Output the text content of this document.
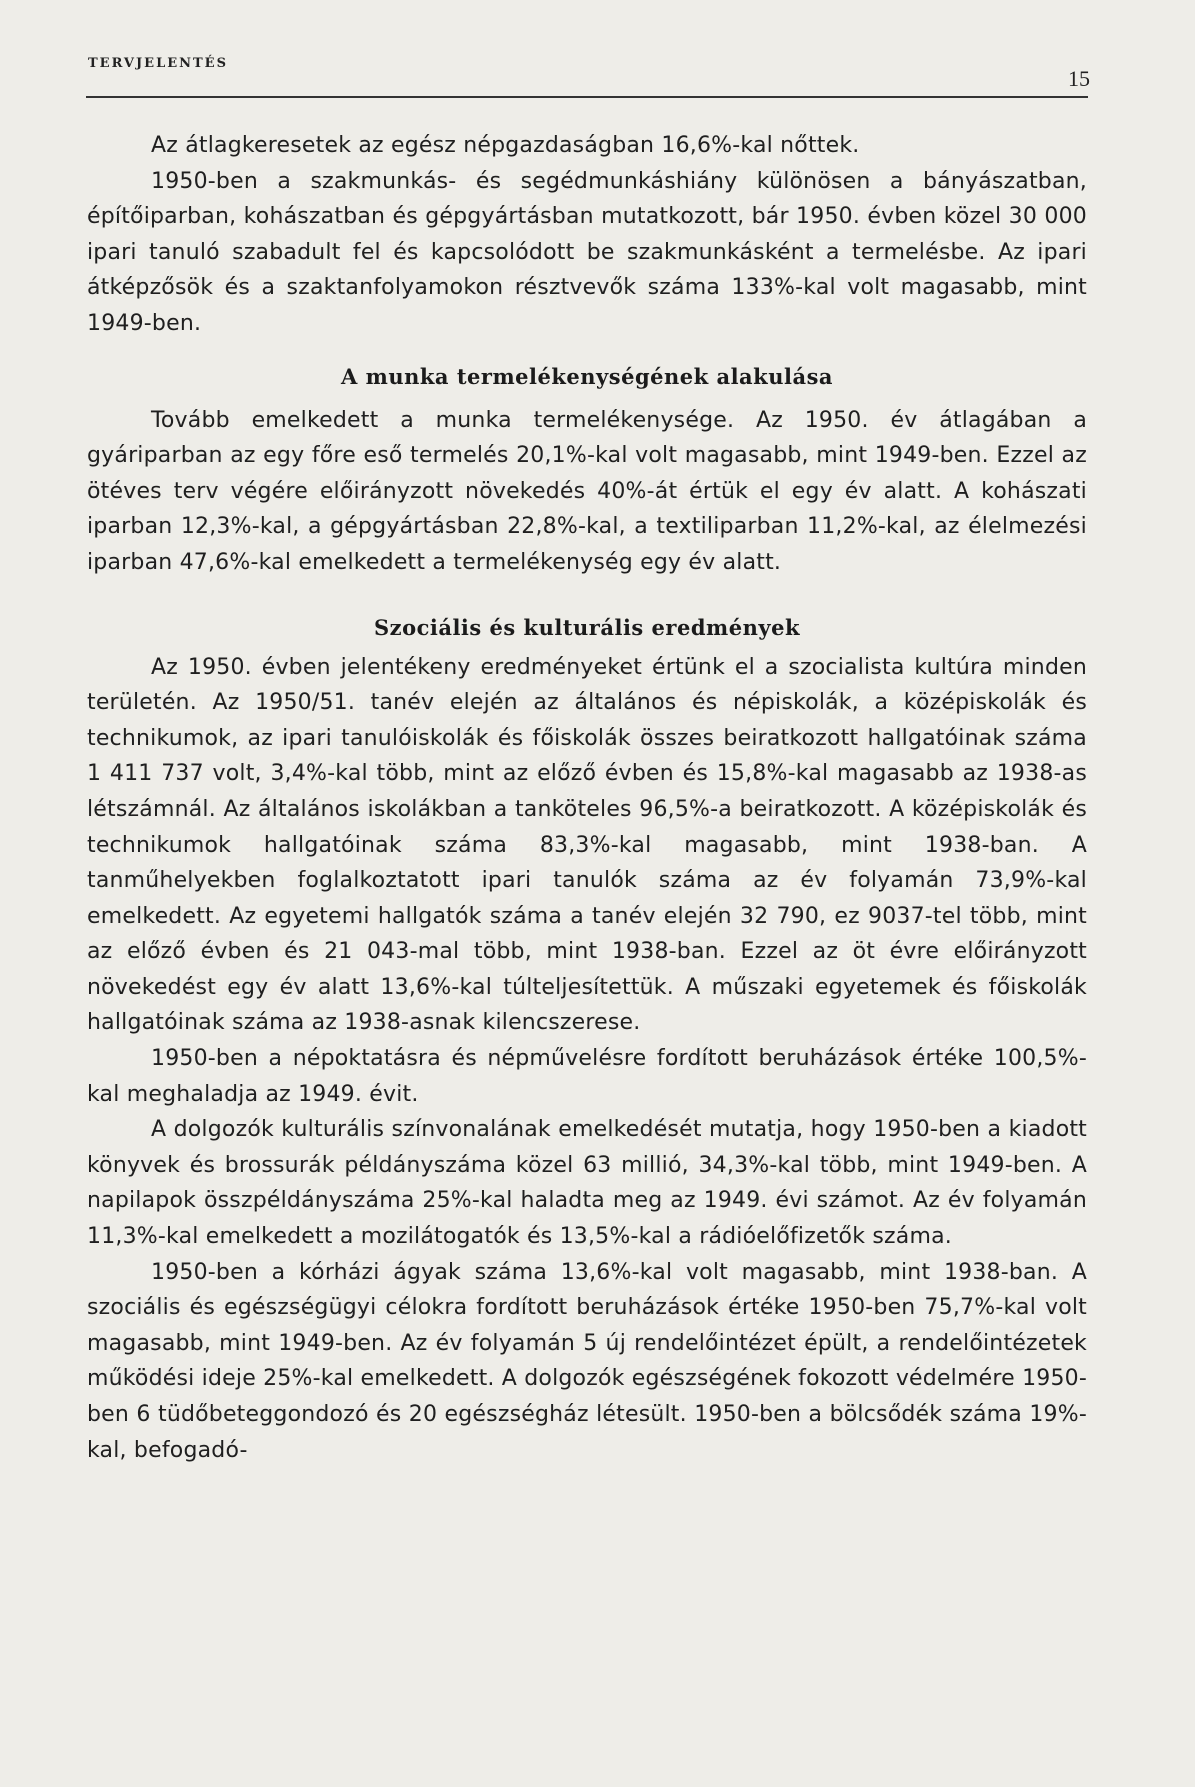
TERVJELENTÉS
15

Az átlagkeresetek az egész népgazdaságban 16,6%-kal nőttek.

1950-ben a szakmunkás- és segédmunkáshiány különösen a bányászatban, építőiparban, kohászatban és gépgyártásban mutatkozott, bár 1950. évben közel 30 000 ipari tanuló szabadult fel és kapcsolódott be szakmunkásként a termelésbe. Az ipari átképzősök és a szaktanfolyamokon résztvevők száma 133%-kal volt magasabb, mint 1949-ben.

A munka termelékenységének alakulása

Tovább emelkedett a munka termelékenysége. Az 1950. év átlagában a gyáriparban az egy főre eső termelés 20,1%-kal volt magasabb, mint 1949-ben. Ezzel az ötéves terv végére előirányzott növekedés 40%-át értük el egy év alatt. A kohászati iparban 12,3%-kal, a gépgyártásban 22,8%-kal, a textiliparban 11,2%-kal, az élelmezési iparban 47,6%-kal emelkedett a termelékenység egy év alatt.

Szociális és kulturális eredmények

Az 1950. évben jelentékeny eredményeket értünk el a szocialista kultúra minden területén. Az 1950/51. tanév elején az általános és népiskolák, a középiskolák és technikumok, az ipari tanulóiskolák és főiskolák összes beiratkozott hallgatóinak száma 1 411 737 volt, 3,4%-kal több, mint az előző évben és 15,8%-kal magasabb az 1938-as létszámnál. Az általános iskolákban a tanköteles 96,5%-a beiratkozott. A középiskolák és technikumok hallgatóinak száma 83,3%-kal magasabb, mint 1938-ban. A tanműhelyekben foglalkoztatott ipari tanulók száma az év folyamán 73,9%-kal emelkedett. Az egyetemi hallgatók száma a tanév elején 32 790, ez 9037-tel több, mint az előző évben és 21 043-mal több, mint 1938-ban. Ezzel az öt évre előirányzott növekedést egy év alatt 13,6%-kal túlteljesítettük. A műszaki egyetemek és főiskolák hallgatóinak száma az 1938-asnak kilencszerese.

1950-ben a népoktatásra és népművelésre fordított beruházások értéke 100,5%-kal meghaladja az 1949. évit.

A dolgozók kulturális színvonalának emelkedését mutatja, hogy 1950-ben a kiadott könyvek és brossurák példányszáma közel 63 millió, 34,3%-kal több, mint 1949-ben. A napilapok összpéldányszáma 25%-kal haladta meg az 1949. évi számot. Az év folyamán 11,3%-kal emelkedett a mozilátogatók és 13,5%-kal a rádióelőfizetők száma.

1950-ben a kórházi ágyak száma 13,6%-kal volt magasabb, mint 1938-ban. A szociális és egészségügyi célokra fordított beruházások értéke 1950-ben 75,7%-kal volt magasabb, mint 1949-ben. Az év folyamán 5 új rendelőintézet épült, a rendelőintézetek működési ideje 25%-kal emelkedett. A dolgozók egészségének fokozott védelmére 1950-ben 6 tüdőbeteggondozó és 20 egészségház létesült. 1950-ben a bölcsődék száma 19%-kal, befogadó-
